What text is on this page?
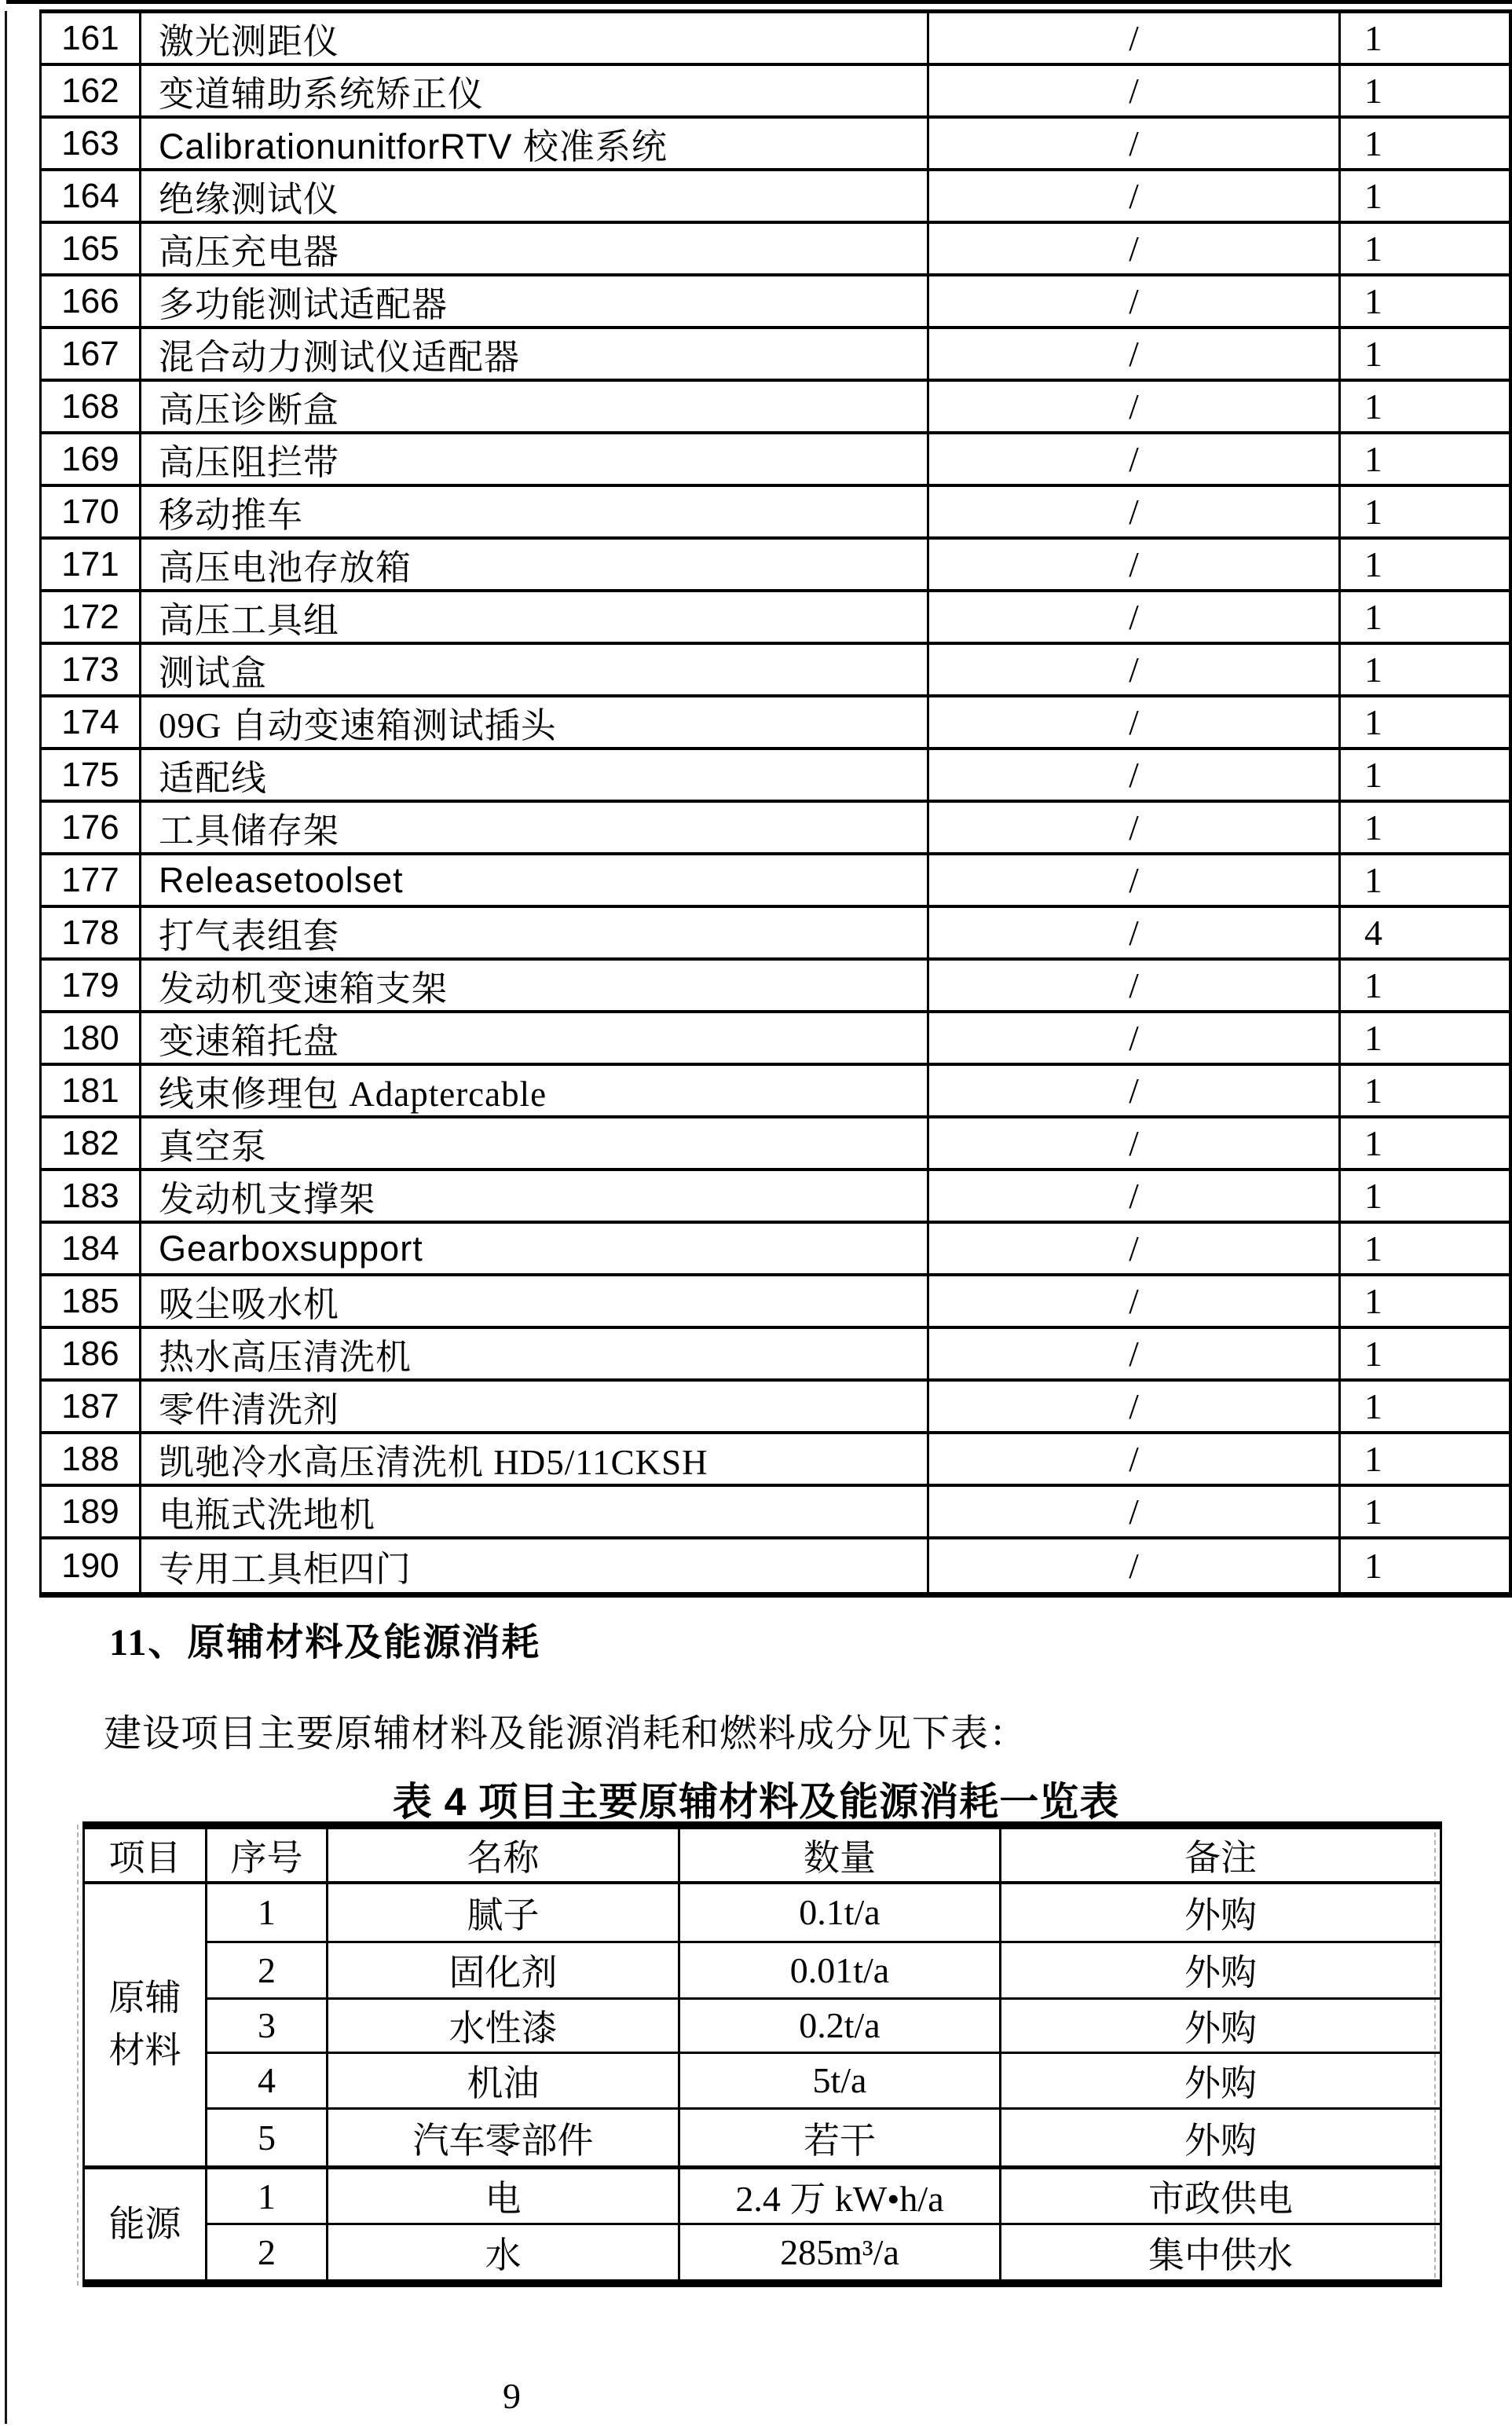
161	激光测距仪	/	1
162	变道辅助系统矫正仪	/	1
163	CalibrationunitforRTV 校准系统	/	1
164	绝缘测试仪	/	1
165	高压充电器	/	1
166	多功能测试适配器	/	1
167	混合动力测试仪适配器	/	1
168	高压诊断盒	/	1
169	高压阻拦带	/	1
170	移动推车	/	1
171	高压电池存放箱	/	1
172	高压工具组	/	1
173	测试盒	/	1
174	09G 自动变速箱测试插头	/	1
175	适配线	/	1
176	工具储存架	/	1
177	Releasetoolset	/	1
178	打气表组套	/	4
179	发动机变速箱支架	/	1
180	变速箱托盘	/	1
181	线束修理包 Adaptercable	/	1
182	真空泵	/	1
183	发动机支撑架	/	1
184	Gearboxsupport	/	1
185	吸尘吸水机	/	1
186	热水高压清洗机	/	1
187	零件清洗剂	/	1
188	凯驰冷水高压清洗机 HD5/11CKSH	/	1
189	电瓶式洗地机	/	1
190	专用工具柜四门	/	1
11、原辅材料及能源消耗
建设项目主要原辅材料及能源消耗和燃料成分见下表：
表 4 项目主要原辅材料及能源消耗一览表
项目	序号	名称	数量	备注
原辅材料	1	腻子	0.1t/a	外购
	2	固化剂	0.01t/a	外购
	3	水性漆	0.2t/a	外购
	4	机油	5t/a	外购
	5	汽车零部件	若干	外购
能源	1	电	2.4 万 kW•h/a	市政供电
	2	水	285m³/a	集中供水
9
